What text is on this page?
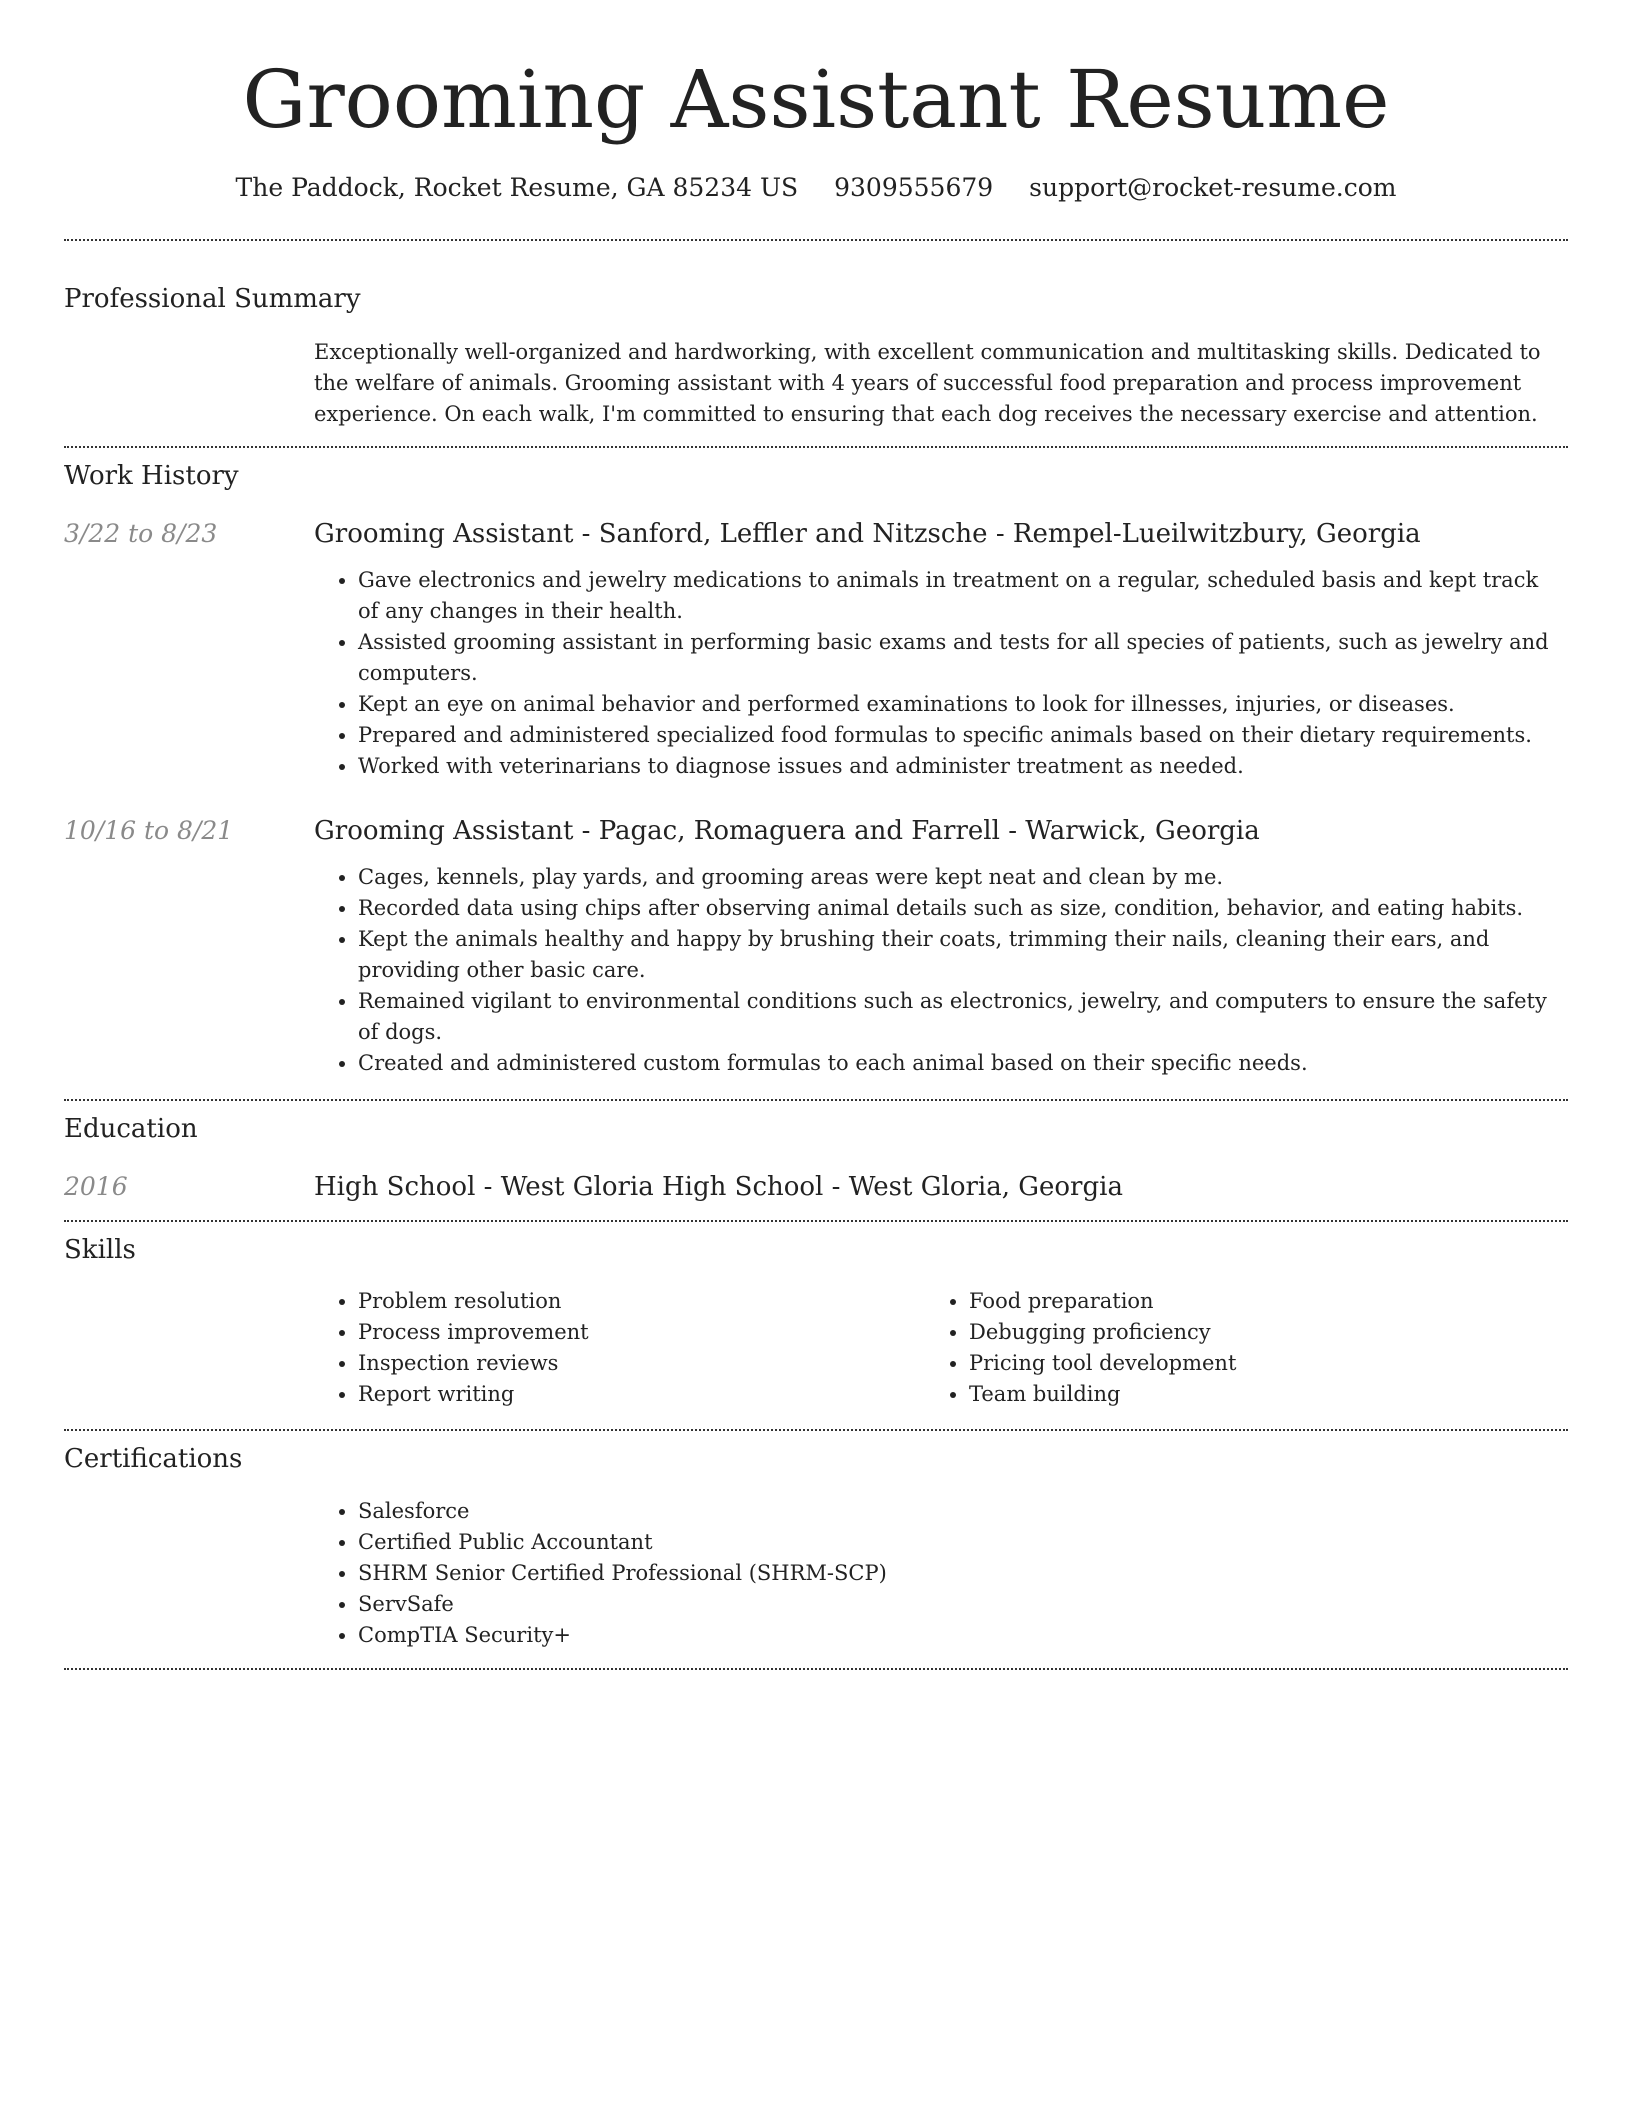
Grooming Assistant Resume
The Paddock, Rocket Resume, GA 85234 US 9309555679 support@rocket-resume.com
Professional Summary
Exceptionally well-organized and hardworking, with excellent communication and multitasking skills. Dedicated to the welfare of animals. Grooming assistant with 4 years of successful food preparation and process improvement experience. On each walk, I'm committed to ensuring that each dog receives the necessary exercise and attention.
Work History
3/22 to 8/23	Grooming Assistant - Sanford, Leffler and Nitzsche - Rempel-Lueilwitzbury, Georgia
• Gave electronics and jewelry medications to animals in treatment on a regular, scheduled basis and kept track of any changes in their health.
• Assisted grooming assistant in performing basic exams and tests for all species of patients, such as jewelry and computers.
• Kept an eye on animal behavior and performed examinations to look for illnesses, injuries, or diseases.
• Prepared and administered specialized food formulas to specific animals based on their dietary requirements.
• Worked with veterinarians to diagnose issues and administer treatment as needed.
10/16 to 8/21	Grooming Assistant - Pagac, Romaguera and Farrell - Warwick, Georgia
• Cages, kennels, play yards, and grooming areas were kept neat and clean by me.
• Recorded data using chips after observing animal details such as size, condition, behavior, and eating habits.
• Kept the animals healthy and happy by brushing their coats, trimming their nails, cleaning their ears, and providing other basic care.
• Remained vigilant to environmental conditions such as electronics, jewelry, and computers to ensure the safety of dogs.
• Created and administered custom formulas to each animal based on their specific needs.
Education
2016	High School - West Gloria High School - West Gloria, Georgia
Skills
• Problem resolution
• Process improvement
• Inspection reviews
• Report writing
• Food preparation
• Debugging proficiency
• Pricing tool development
• Team building
Certifications
• Salesforce
• Certified Public Accountant
• SHRM Senior Certified Professional (SHRM-SCP)
• ServSafe
• CompTIA Security+
